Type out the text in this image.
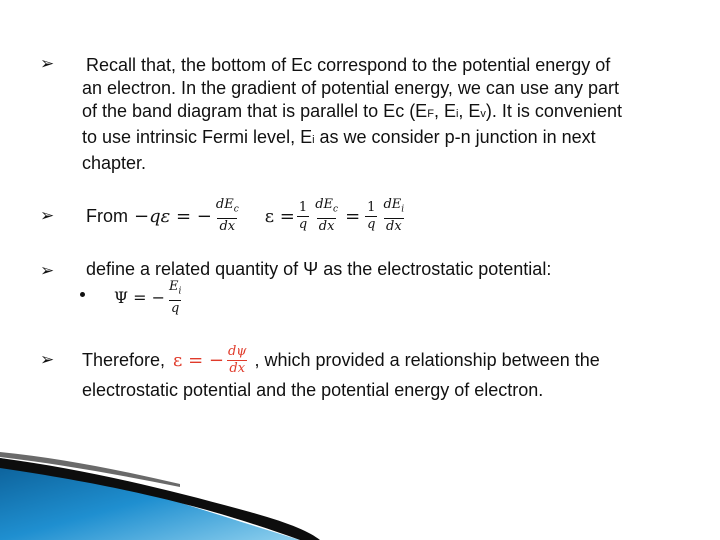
➢ Recall that, the bottom of Ec correspond to the potential energy of
an electron. In the gradient of potential energy, we can use any part
of the band diagram that is parallel to Ec (EF, Ei, Ev). It is convenient
to use intrinsic Fermi level, Ei as we consider p-n junction in next
chapter.
➢ From −qε = − $\frac{dE_c}{dx}$ $\varepsilon = \frac{1}{q} \frac{dE_c}{dx} = \frac{1}{q} \frac{dE_i}{dx}$
➢ define a related quantity of Ψ as the electrostatic potential:
Ψ = − $\frac{E_i}{q}$
➢ Therefore, ε = − $\frac{d\psi}{dx}$ , which provided a relationship between the
electrostatic potential and the potential energy of electron.
